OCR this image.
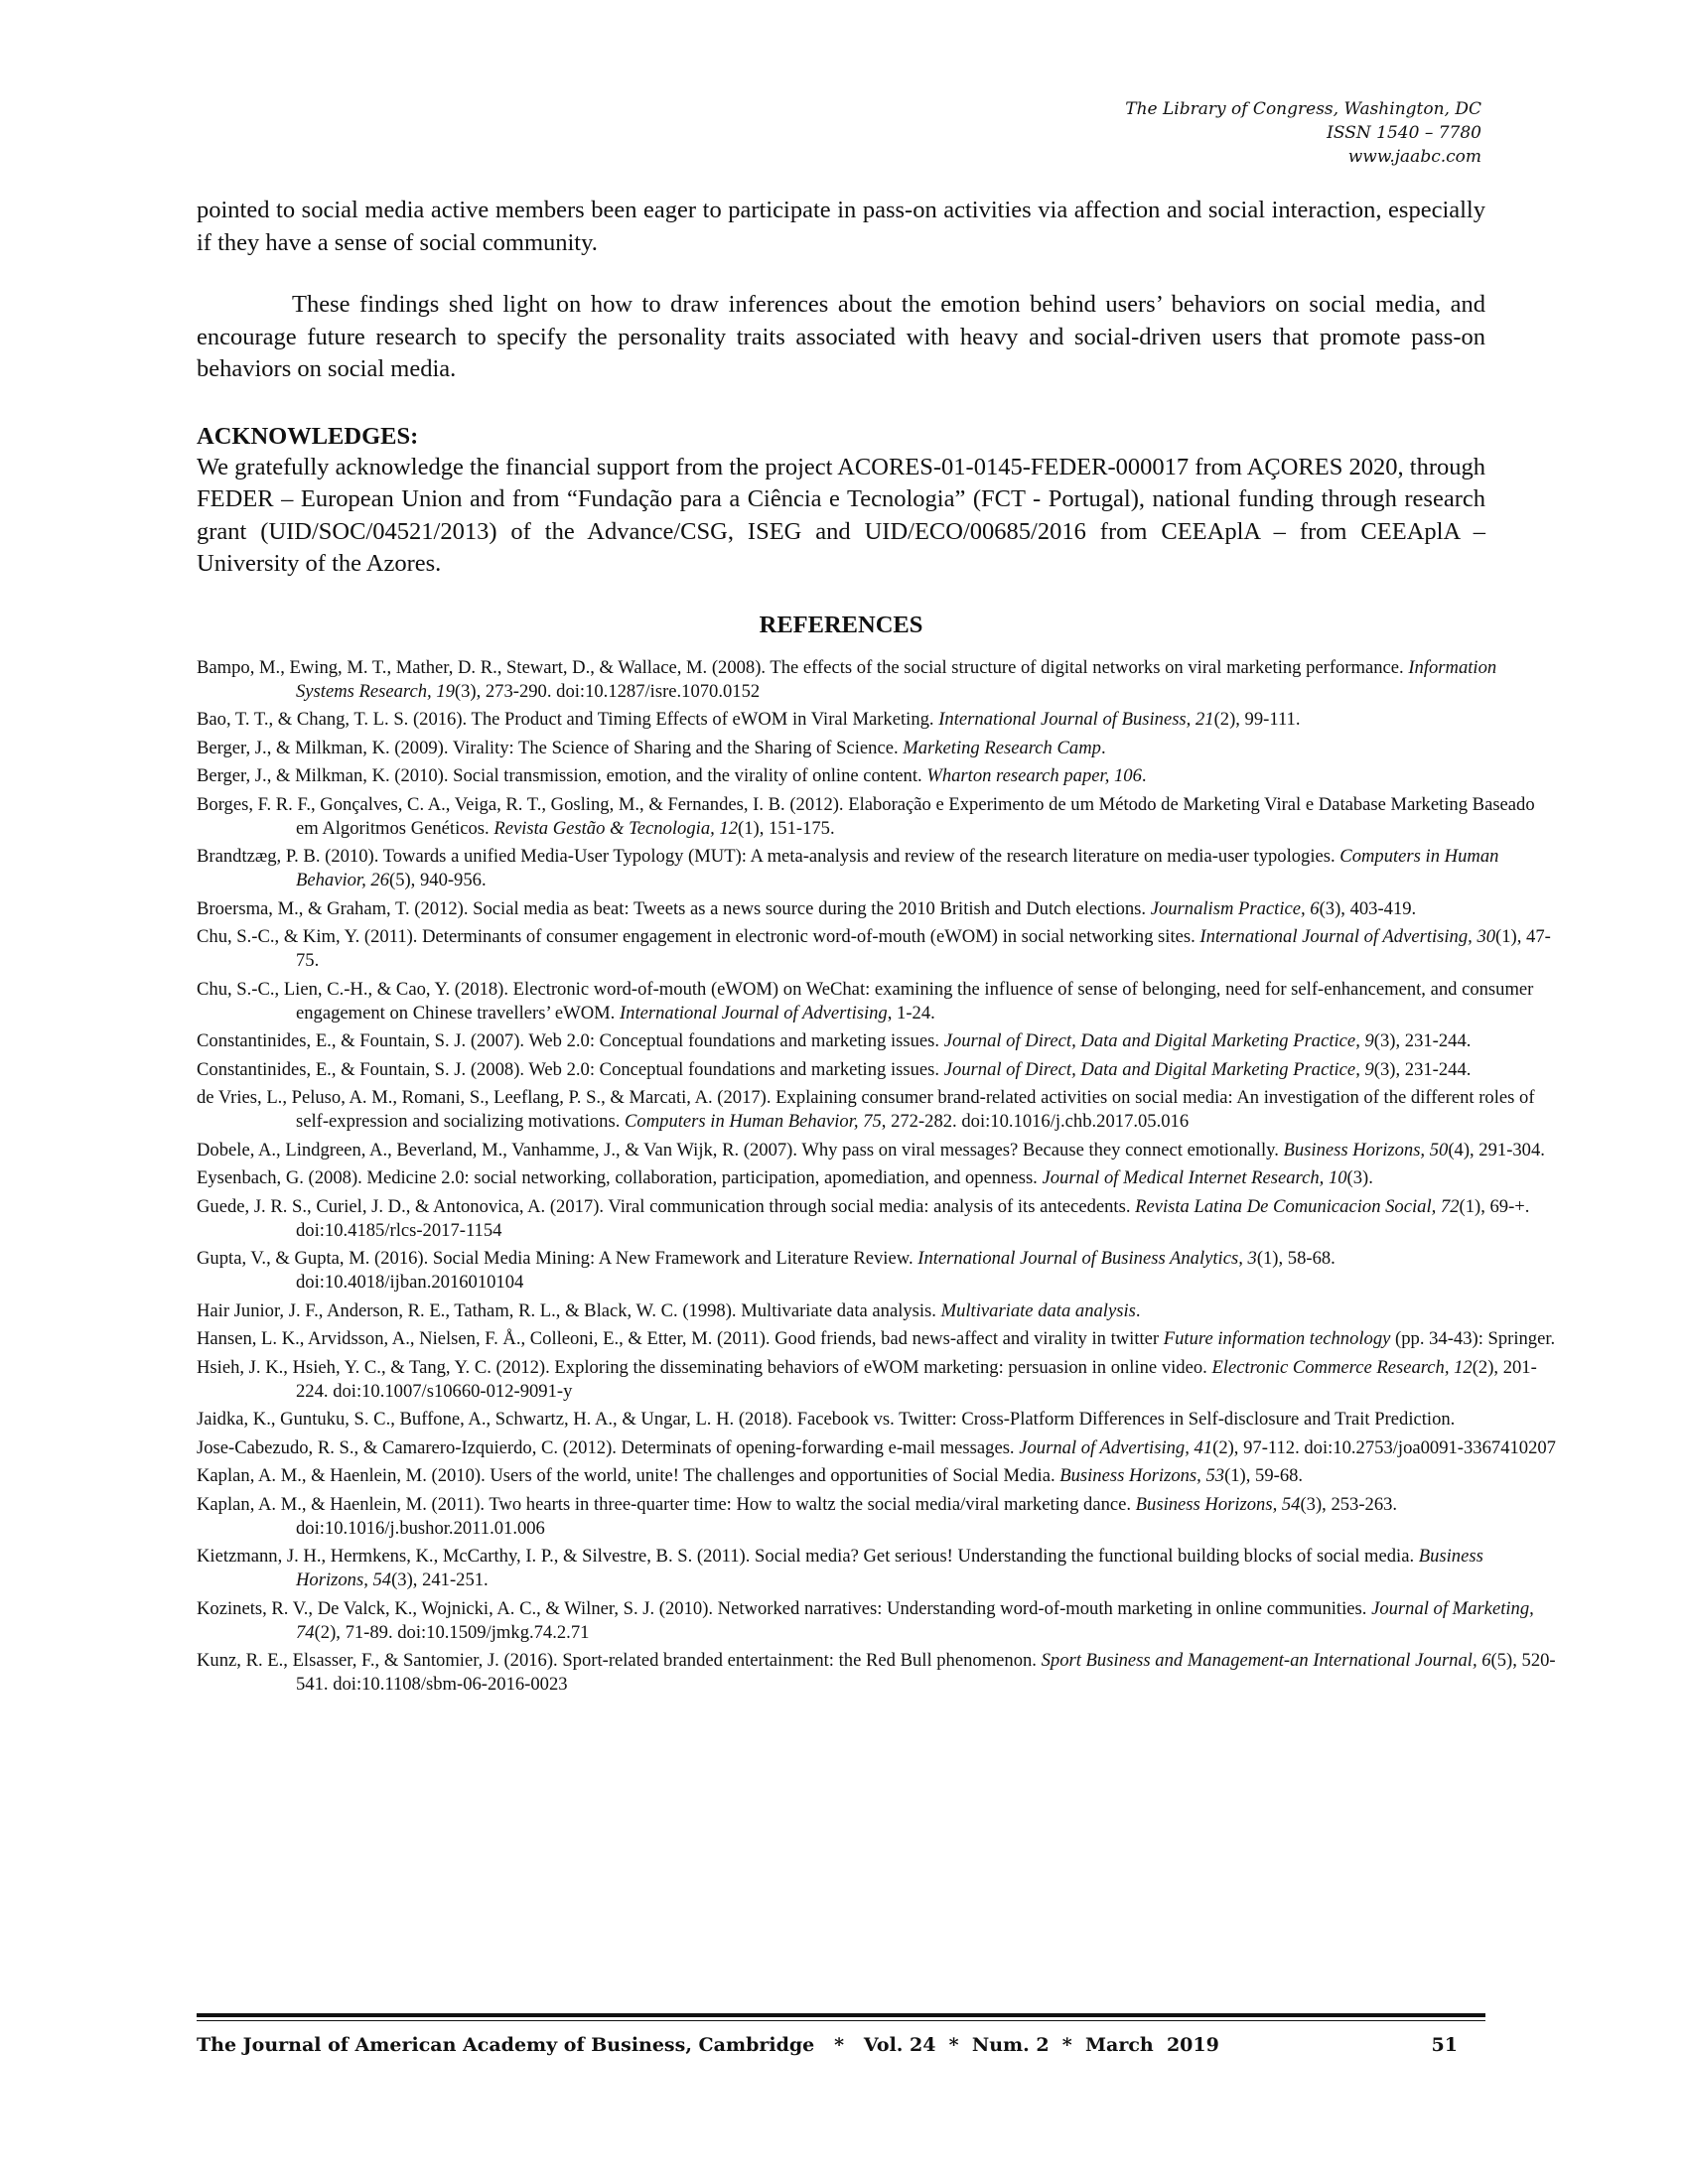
The Library of Congress, Washington, DC
ISSN 1540 – 7780
www.jaabc.com

pointed to social media active members been eager to participate in pass-on activities via affection and social interaction, especially if they have a sense of social community.

These findings shed light on how to draw inferences about the emotion behind users’ behaviors on social media, and encourage future research to specify the personality traits associated with heavy and social-driven users that promote pass-on behaviors on social media.

ACKNOWLEDGES:

We gratefully acknowledge the financial support from the project ACORES-01-0145-FEDER-000017 from AÇORES 2020, through FEDER – European Union and from “Fundação para a Ciência e Tecnologia” (FCT - Portugal), national funding through research grant (UID/SOC/04521/2013) of the Advance/CSG, ISEG and UID/ECO/00685/2016 from CEEAplA – from CEEAplA – University of the Azores.

REFERENCES
Bampo, M., Ewing, M. T., Mather, D. R., Stewart, D., & Wallace, M. (2008). The effects of the social structure of digital networks on viral marketing performance. Information Systems Research, 19(3), 273-290. doi:10.1287/isre.1070.0152
Bao, T. T., & Chang, T. L. S. (2016). The Product and Timing Effects of eWOM in Viral Marketing. International Journal of Business, 21(2), 99-111.
Berger, J., & Milkman, K. (2009). Virality: The Science of Sharing and the Sharing of Science. Marketing Research Camp.
Berger, J., & Milkman, K. (2010). Social transmission, emotion, and the virality of online content. Wharton research paper, 106.
Borges, F. R. F., Gonçalves, C. A., Veiga, R. T., Gosling, M., & Fernandes, I. B. (2012). Elaboração e Experimento de um Método de Marketing Viral e Database Marketing Baseado em Algoritmos Genéticos. Revista Gestão & Tecnologia, 12(1), 151-175.
Brandtzæg, P. B. (2010). Towards a unified Media-User Typology (MUT): A meta-analysis and review of the research literature on media-user typologies. Computers in Human Behavior, 26(5), 940-956.
Broersma, M., & Graham, T. (2012). Social media as beat: Tweets as a news source during the 2010 British and Dutch elections. Journalism Practice, 6(3), 403-419.
Chu, S.-C., & Kim, Y. (2011). Determinants of consumer engagement in electronic word-of-mouth (eWOM) in social networking sites. International Journal of Advertising, 30(1), 47-75.
Chu, S.-C., Lien, C.-H., & Cao, Y. (2018). Electronic word-of-mouth (eWOM) on WeChat: examining the influence of sense of belonging, need for self-enhancement, and consumer engagement on Chinese travellers’ eWOM. International Journal of Advertising, 1-24.
Constantinides, E., & Fountain, S. J. (2007). Web 2.0: Conceptual foundations and marketing issues. Journal of Direct, Data and Digital Marketing Practice, 9(3), 231-244.
Constantinides, E., & Fountain, S. J. (2008). Web 2.0: Conceptual foundations and marketing issues. Journal of Direct, Data and Digital Marketing Practice, 9(3), 231-244.
de Vries, L., Peluso, A. M., Romani, S., Leeflang, P. S., & Marcati, A. (2017). Explaining consumer brand-related activities on social media: An investigation of the different roles of self-expression and socializing motivations. Computers in Human Behavior, 75, 272-282. doi:10.1016/j.chb.2017.05.016
Dobele, A., Lindgreen, A., Beverland, M., Vanhamme, J., & Van Wijk, R. (2007). Why pass on viral messages? Because they connect emotionally. Business Horizons, 50(4), 291-304.
Eysenbach, G. (2008). Medicine 2.0: social networking, collaboration, participation, apomediation, and openness. Journal of Medical Internet Research, 10(3).
Guede, J. R. S., Curiel, J. D., & Antonovica, A. (2017). Viral communication through social media: analysis of its antecedents. Revista Latina De Comunicacion Social, 72(1), 69-+. doi:10.4185/rlcs-2017-1154
Gupta, V., & Gupta, M. (2016). Social Media Mining: A New Framework and Literature Review. International Journal of Business Analytics, 3(1), 58-68. doi:10.4018/ijban.2016010104
Hair Junior, J. F., Anderson, R. E., Tatham, R. L., & Black, W. C. (1998). Multivariate data analysis. Multivariate data analysis.
Hansen, L. K., Arvidsson, A., Nielsen, F. Å., Colleoni, E., & Etter, M. (2011). Good friends, bad news-affect and virality in twitter Future information technology (pp. 34-43): Springer.
Hsieh, J. K., Hsieh, Y. C., & Tang, Y. C. (2012). Exploring the disseminating behaviors of eWOM marketing: persuasion in online video. Electronic Commerce Research, 12(2), 201-224. doi:10.1007/s10660-012-9091-y
Jaidka, K., Guntuku, S. C., Buffone, A., Schwartz, H. A., & Ungar, L. H. (2018). Facebook vs. Twitter: Cross-Platform Differences in Self-disclosure and Trait Prediction.
Jose-Cabezudo, R. S., & Camarero-Izquierdo, C. (2012). Determinats of opening-forwarding e-mail messages. Journal of Advertising, 41(2), 97-112. doi:10.2753/joa0091-3367410207
Kaplan, A. M., & Haenlein, M. (2010). Users of the world, unite! The challenges and opportunities of Social Media. Business Horizons, 53(1), 59-68.
Kaplan, A. M., & Haenlein, M. (2011). Two hearts in three-quarter time: How to waltz the social media/viral marketing dance. Business Horizons, 54(3), 253-263. doi:10.1016/j.bushor.2011.01.006
Kietzmann, J. H., Hermkens, K., McCarthy, I. P., & Silvestre, B. S. (2011). Social media? Get serious! Understanding the functional building blocks of social media. Business Horizons, 54(3), 241-251.
Kozinets, R. V., De Valck, K., Wojnicki, A. C., & Wilner, S. J. (2010). Networked narratives: Understanding word-of-mouth marketing in online communities. Journal of Marketing, 74(2), 71-89. doi:10.1509/jmkg.74.2.71
Kunz, R. E., Elsasser, F., & Santomier, J. (2016). Sport-related branded entertainment: the Red Bull phenomenon. Sport Business and Management-an International Journal, 6(5), 520-541. doi:10.1108/sbm-06-2016-0023
The Journal of American Academy of Business, Cambridge   *   Vol. 24  *  Num. 2  *  March  2019	51
